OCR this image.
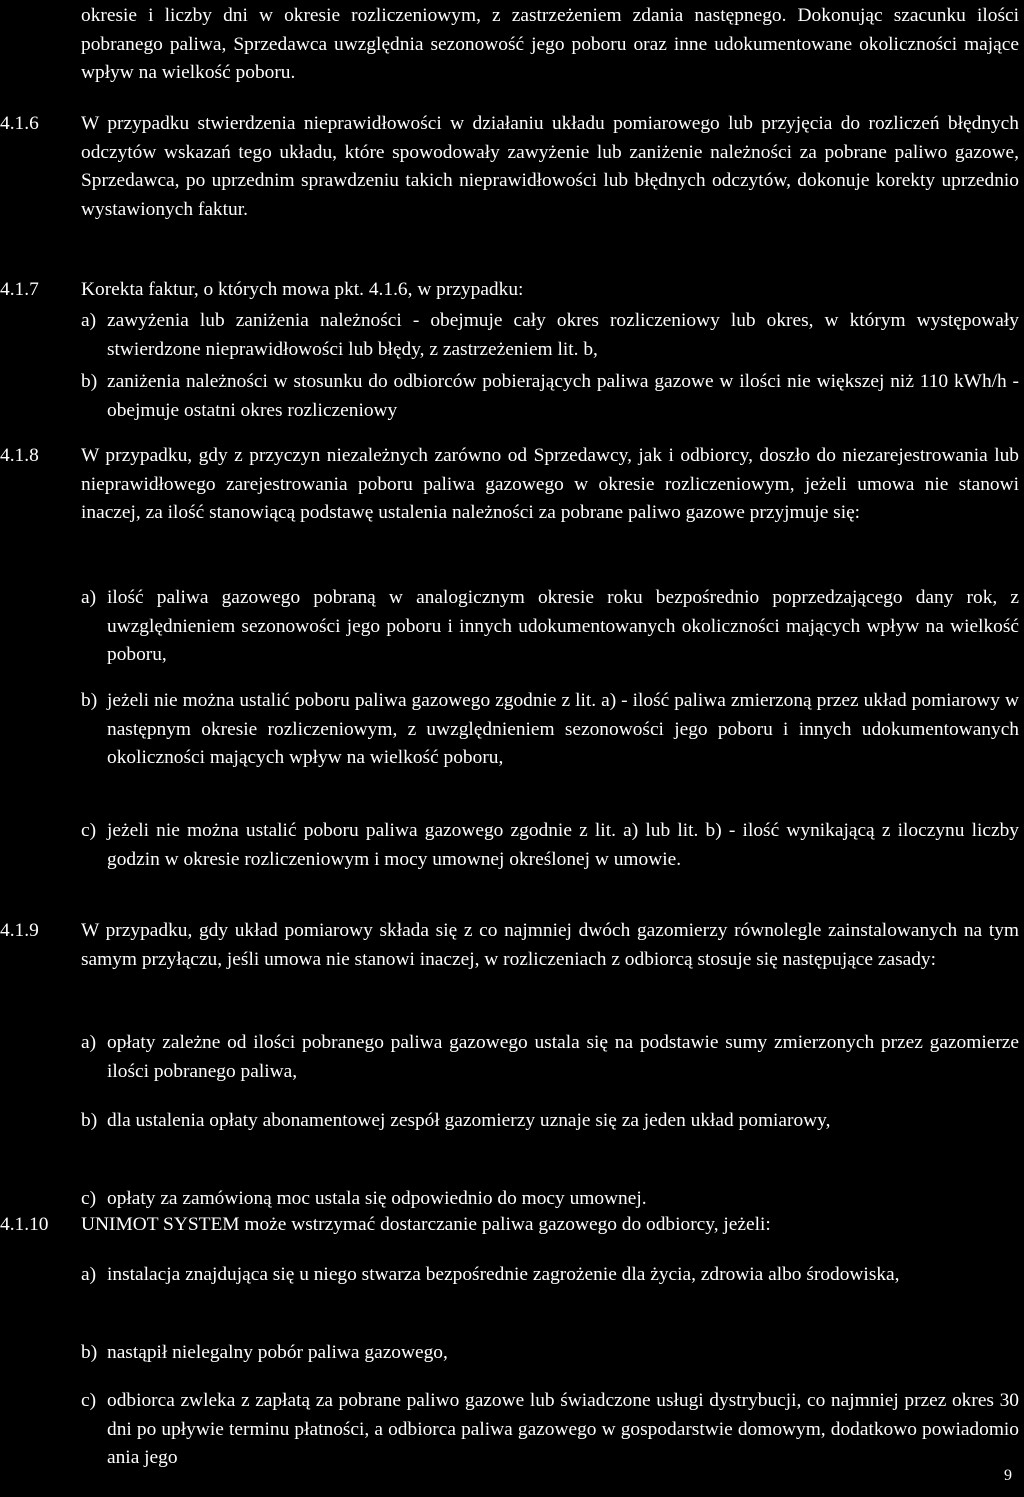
okresie i liczby dni w okresie rozliczeniowym, z zastrzeżeniem zdania następnego. Dokonując szacunku ilości pobranego paliwa, Sprzedawca uwzględnia sezonowość jego poboru oraz inne udokumentowane okoliczności mające wpływ na wielkość poboru.

4.1.6 W przypadku stwierdzenia nieprawidłowości w działaniu układu pomiarowego lub przyjęcia do rozliczeń błędnych odczytów wskazań tego układu, które spowodowały zawyżenie lub zaniżenie należności za pobrane paliwo gazowe, Sprzedawca, po uprzednim sprawdzeniu takich nieprawidłowości lub błędnych odczytów, dokonuje korekty uprzednio wystawionych faktur.

4.1.7 Korekta faktur, o których mowa pkt. 4.1.6, w przypadku:

a) zawyżenia lub zaniżenia należności - obejmuje cały okres rozliczeniowy lub okres, w którym występowały stwierdzone nieprawidłowości lub błędy, z zastrzeżeniem lit. b,

b) zaniżenia należności w stosunku do odbiorców pobierających paliwa gazowe w ilości nie większej niż 110 kWh/h - obejmuje ostatni okres rozliczeniowy

4.1.8 W przypadku, gdy z przyczyn niezależnych zarówno od Sprzedawcy, jak i odbiorcy, doszło do niezarejestrowania lub nieprawidłowego zarejestrowania poboru paliwa gazowego w okresie rozliczeniowym, jeżeli umowa nie stanowi inaczej, za ilość stanowiącą podstawę ustalenia należności za pobrane paliwo gazowe przyjmuje się:

a) ilość paliwa gazowego pobraną w analogicznym okresie roku bezpośrednio poprzedzającego dany rok, z uwzględnieniem sezonowości jego poboru i innych udokumentowanych okoliczności mających wpływ na wielkość poboru,

b) jeżeli nie można ustalić poboru paliwa gazowego zgodnie z lit. a) - ilość paliwa zmierzoną przez układ pomiarowy w następnym okresie rozliczeniowym, z uwzględnieniem sezonowości jego poboru i innych udokumentowanych okoliczności mających wpływ na wielkość poboru,

c) jeżeli nie można ustalić poboru paliwa gazowego zgodnie z lit. a) lub lit. b) - ilość wynikającą z iloczynu liczby godzin w okresie rozliczeniowym i mocy umownej określonej w umowie.

4.1.9 W przypadku, gdy układ pomiarowy składa się z co najmniej dwóch gazomierzy równolegle zainstalowanych na tym samym przyłączu, jeśli umowa nie stanowi inaczej, w rozliczeniach z odbiorcą stosuje się następujące zasady:

a) opłaty zależne od ilości pobranego paliwa gazowego ustala się na podstawie sumy zmierzonych przez gazomierze ilości pobranego paliwa,

b) dla ustalenia opłaty abonamentowej zespół gazomierzy uznaje się za jeden układ pomiarowy,

c) opłaty za zamówioną moc ustala się odpowiednio do mocy umownej.

4.1.10 UNIMOT SYSTEM może wstrzymać dostarczanie paliwa gazowego do odbiorcy, jeżeli:

a) instalacja znajdująca się u niego stwarza bezpośrednie zagrożenie dla życia, zdrowia albo środowiska,

b) nastąpił nielegalny pobór paliwa gazowego,

c) odbiorca zwleka z zapłatą za pobrane paliwo gazowe lub świadczone usługi dystrybucji, co najmniej przez okres 30 dni po upływie terminu płatności, a odbiorca paliwa gazowego w gospodarstwie domowym, dodatkowo powiadomio ania jego

9
